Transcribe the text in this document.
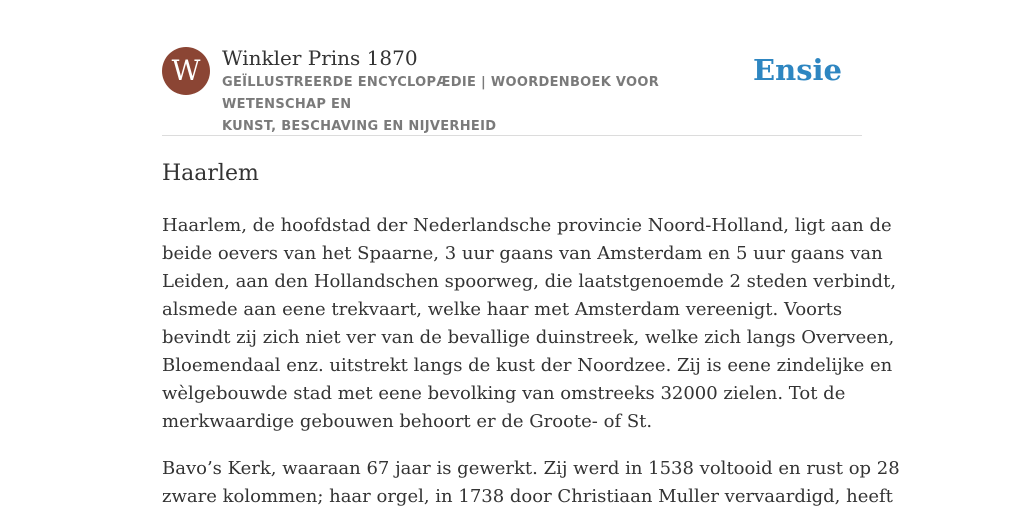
W	Winkler Prins 1870
GEÏLLUSTREERDE ENCYCLOPÆDIE | WOORDENBOEK VOOR WETENSCHAP EN
KUNST, BESCHAVING EN NIJVERHEID
Ensie
Haarlem

Haarlem, de hoofdstad der Nederlandsche provincie Noord-Holland, ligt aan de
beide oevers van het Spaarne, 3 uur gaans van Amsterdam en 5 uur gaans van
Leiden, aan den Hollandschen spoorweg, die laatstgenoemde 2 steden verbindt,
alsmede aan eene trekvaart, welke haar met Amsterdam vereenigt. Voorts
bevindt zij zich niet ver van de bevallige duinstreek, welke zich langs Overveen,
Bloemendaal enz. uitstrekt langs de kust der Noordzee. Zij is eene zindelijke en
wèlgebouwde stad met eene bevolking van omstreeks 32000 zielen. Tot de
merkwaardige gebouwen behoort er de Groote- of St.

Bavo’s Kerk, waaraan 67 jaar is gewerkt. Zij werd in 1538 voltooid en rust op 28
zware kolommen; haar orgel, in 1738 door Christiaan Muller vervaardigd, heeft
